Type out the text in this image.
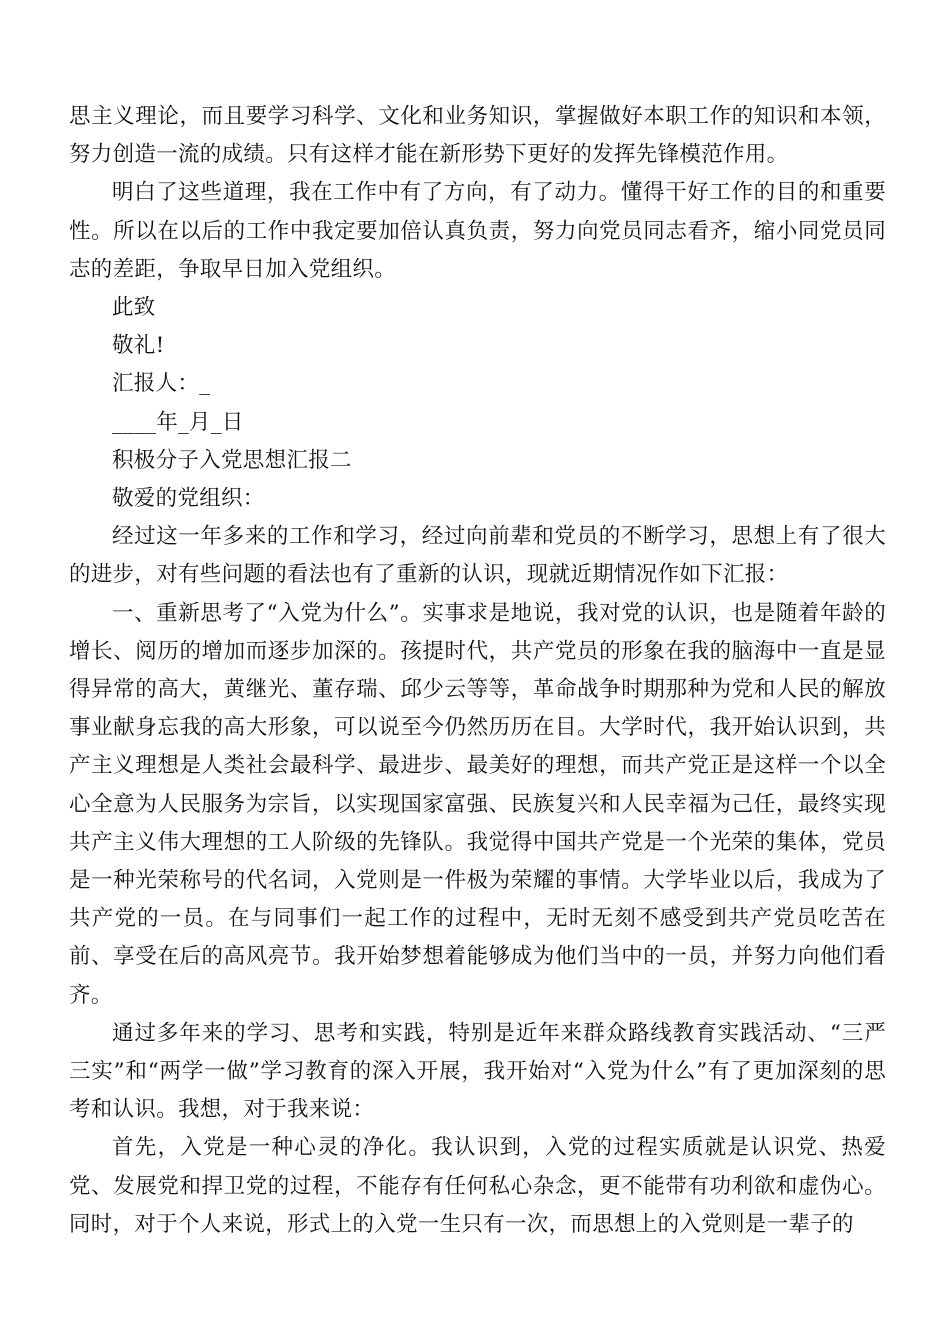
思主义理论，而且要学习科学、文化和业务知识，掌握做好本职工作的知识和本领，努力创造一流的成绩。只有这样才能在新形势下更好的发挥先锋模范作用。

明白了这些道理，我在工作中有了方向，有了动力。懂得干好工作的目的和重要性。所以在以后的工作中我定要加倍认真负责，努力向党员同志看齐，缩小同党员同志的差距，争取早日加入党组织。

此致

敬礼!

汇报人：_

____年_月_日

积极分子入党思想汇报二

敬爱的党组织：

经过这一年多来的工作和学习，经过向前辈和党员的不断学习，思想上有了很大的进步，对有些问题的看法也有了重新的认识，现就近期情况作如下汇报：

一、重新思考了“入党为什么”。实事求是地说，我对党的认识，也是随着年龄的增长、阅历的增加而逐步加深的。孩提时代，共产党员的形象在我的脑海中一直是显得异常的高大，黄继光、董存瑞、邱少云等等，革命战争时期那种为党和人民的解放事业献身忘我的高大形象，可以说至今仍然历历在目。大学时代，我开始认识到，共产主义理想是人类社会最科学、最进步、最美好的理想，而共产党正是这样一个以全心全意为人民服务为宗旨，以实现国家富强、民族复兴和人民幸福为己任，最终实现共产主义伟大理想的工人阶级的先锋队。我觉得中国共产党是一个光荣的集体，党员是一种光荣称号的代名词，入党则是一件极为荣耀的事情。大学毕业以后，我成为了共产党的一员。在与同事们一起工作的过程中，无时无刻不感受到共产党员吃苦在前、享受在后的高风亮节。我开始梦想着能够成为他们当中的一员，并努力向他们看齐。

通过多年来的学习、思考和实践，特别是近年来群众路线教育实践活动、“三严三实”和“两学一做”学习教育的深入开展，我开始对“入党为什么”有了更加深刻的思考和认识。我想，对于我来说：

首先，入党是一种心灵的净化。我认识到，入党的过程实质就是认识党、热爱党、发展党和捍卫党的过程，不能存有任何私心杂念，更不能带有功利欲和虚伪心。同时，对于个人来说，形式上的入党一生只有一次，而思想上的入党则是一辈子的
